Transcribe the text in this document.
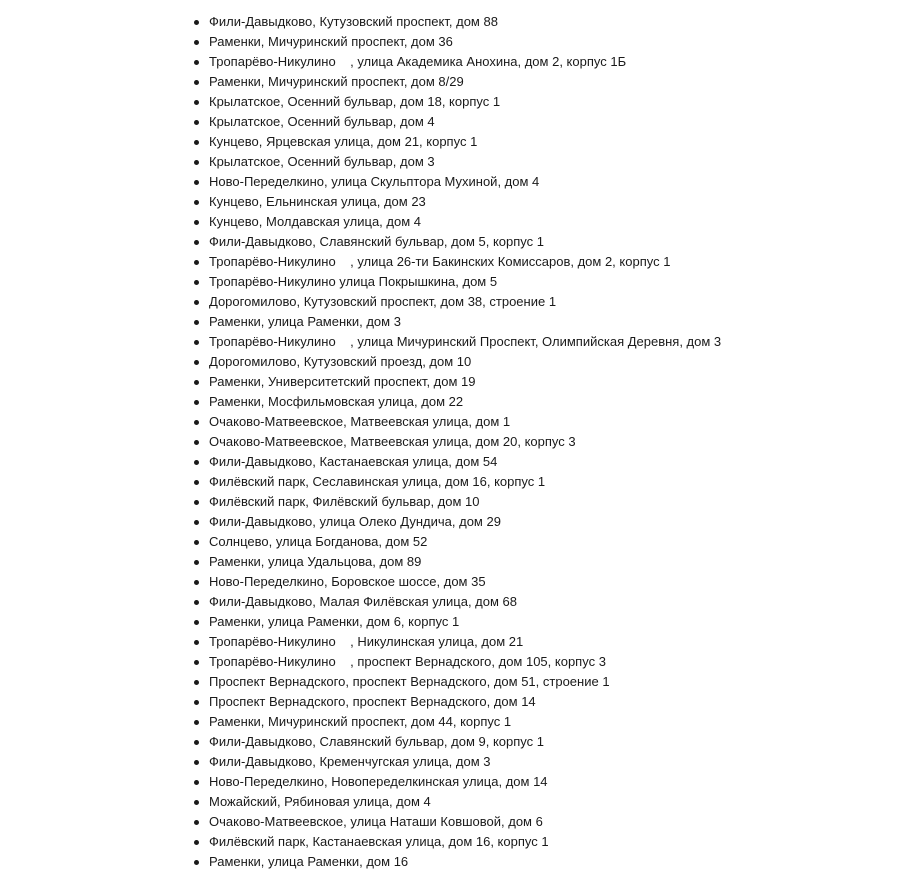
Фили-Давыдково, Кутузовский проспект, дом 88
Раменки, Мичуринский проспект, дом 36
Тропарёво-Никулино    , улица Академика Анохина, дом 2, корпус 1Б
Раменки, Мичуринский проспект, дом 8/29
Крылатское, Осенний бульвар, дом 18, корпус 1
Крылатское, Осенний бульвар, дом 4
Кунцево, Ярцевская улица, дом 21, корпус 1
Крылатское, Осенний бульвар, дом 3
Ново-Переделкино, улица Скульптора Мухиной, дом 4
Кунцево, Ельнинская улица, дом 23
Кунцево, Молдавская улица, дом 4
Фили-Давыдково, Славянский бульвар, дом 5, корпус 1
Тропарёво-Никулино    , улица 26-ти Бакинских Комиссаров, дом 2, корпус 1
Тропарёво-Никулино улица Покрышкина, дом 5
Дорогомилово, Кутузовский проспект, дом 38, строение 1
Раменки, улица Раменки, дом 3
Тропарёво-Никулино    , улица Мичуринский Проспект, Олимпийская Деревня, дом 3
Дорогомилово, Кутузовский проезд, дом 10
Раменки, Университетский проспект, дом 19
Раменки, Мосфильмовская улица, дом 22
Очаково-Матвеевское, Матвеевская улица, дом 1
Очаково-Матвеевское, Матвеевская улица, дом 20, корпус 3
Фили-Давыдково, Кастанаевская улица, дом 54
Филёвский парк, Сеславинская улица, дом 16, корпус 1
Филёвский парк, Филёвский бульвар, дом 10
Фили-Давыдково, улица Олеко Дундича, дом 29
Солнцево, улица Богданова, дом 52
Раменки, улица Удальцова, дом 89
Ново-Переделкино, Боровское шоссе, дом 35
Фили-Давыдково, Малая Филёвская улица, дом 68
Раменки, улица Раменки, дом 6, корпус 1
Тропарёво-Никулино    , Никулинская улица, дом 21
Тропарёво-Никулино    , проспект Вернадского, дом 105, корпус 3
Проспект Вернадского, проспект Вернадского, дом 51, строение 1
Проспект Вернадского, проспект Вернадского, дом 14
Раменки, Мичуринский проспект, дом 44, корпус 1
Фили-Давыдково, Славянский бульвар, дом 9, корпус 1
Фили-Давыдково, Кременчугская улица, дом 3
Ново-Переделкино, Новопеределкинская улица, дом 14
Можайский, Рябиновая улица, дом 4
Очаково-Матвеевское, улица Наташи Ковшовой, дом 6
Филёвский парк, Кастанаевская улица, дом 16, корпус 1
Раменки, улица Раменки, дом 16
